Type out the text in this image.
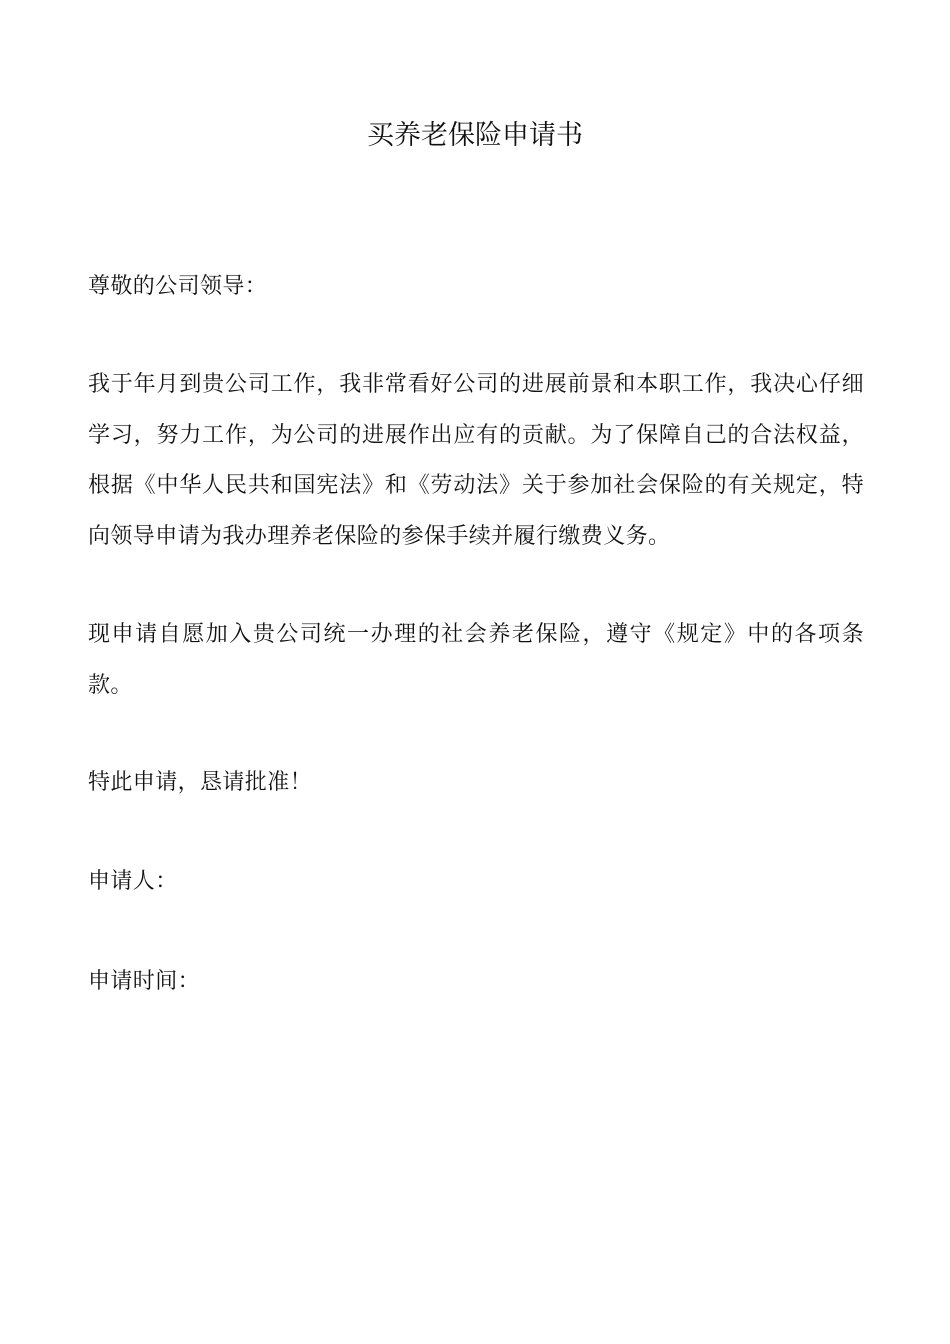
买养老保险申请书

尊敬的公司领导：

我于年月到贵公司工作，我非常看好公司的进展前景和本职工作，我决心仔细学习，努力工作，为公司的进展作出应有的贡献。为了保障自己的合法权益，根据《中华人民共和国宪法》和《劳动法》关于参加社会保险的有关规定，特向领导申请为我办理养老保险的参保手续并履行缴费义务。

现申请自愿加入贵公司统一办理的社会养老保险，遵守《规定》中的各项条款。

特此申请，恳请批准！

申请人：

申请时间：
